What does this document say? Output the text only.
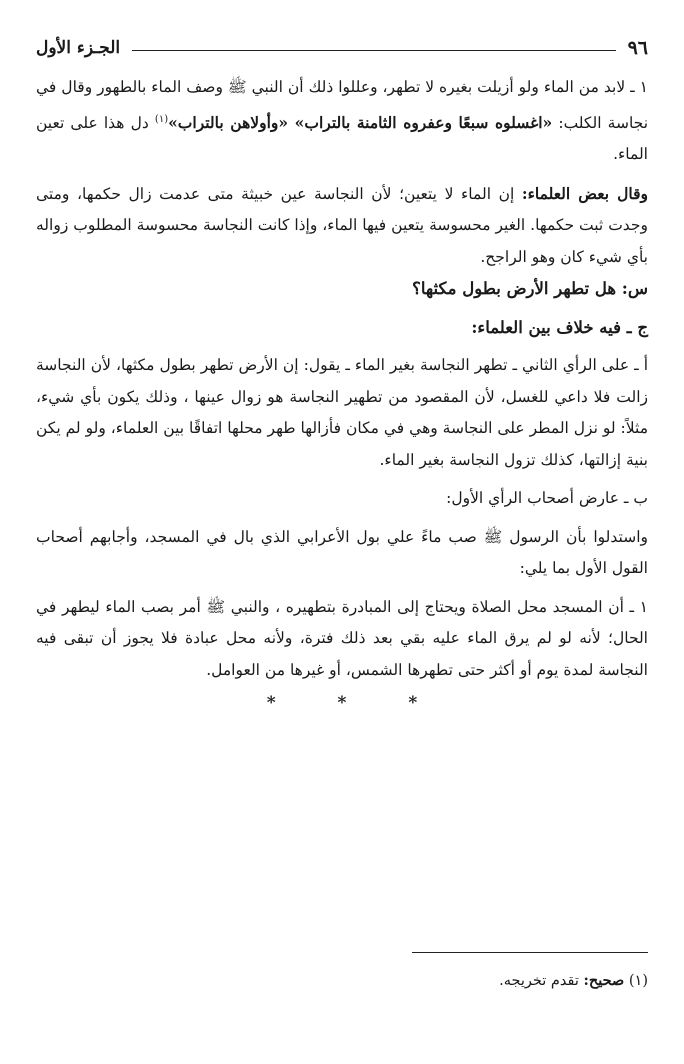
٩٦
الجـزء الأول

١ ـ لابد من الماء ولو أزيلت بغيره لا تطهر، وعللوا ذلك أن النبي ﷺ وصف الماء بالطهور وقال في نجاسة الكلب: «اغسلوه سبعًا وعفروه الثامنة بالتراب» «وأولاهن بالتراب»$^{(١)}$ دل هذا على تعين الماء.

وقال بعض العلماء: إن الماء لا يتعين؛ لأن النجاسة عين خبيثة متى عدمت زال حكمها، ومتى وجدت ثبت حكمها. الغير محسوسة يتعين فيها الماء، وإذا كانت النجاسة محسوسة المطلوب زواله بأي شيء كان وهو الراجح.

س: هل تطهر الأرض بطول مكثها؟

ج ـ فيه خلاف بين العلماء:

أ ـ على الرأي الثاني ـ تطهر النجاسة بغير الماء ـ يقول: إن الأرض تطهر بطول مكثها، لأن النجاسة زالت فلا داعي للغسل، لأن المقصود من تطهير النجاسة هو زوال عينها ، وذلك يكون بأي شيء، مثلاً: لو نزل المطر على النجاسة وهي في مكان فأزالها طهر محلها اتفاقًا بين العلماء، ولو لم يكن بنية إزالتها، كذلك تزول النجاسة بغير الماء.

ب ـ عارض أصحاب الرأي الأول:

واستدلوا بأن الرسول ﷺ صب ماءً علي بول الأعرابي الذي بال في المسجد، وأجابهم أصحاب القول الأول بما يلي:

١ ـ أن المسجد محل الصلاة ويحتاج إلى المبادرة بتطهيره ، والنبي ﷺ أمر بصب الماء ليطهر في الحال؛ لأنه لو لم يرق الماء عليه بقي بعد ذلك فترة، ولأنه محل عبادة فلا يجوز أن تبقى فيه النجاسة لمدة يوم أو أكثر حتى تطهرها الشمس، أو غيرها من العوامل.

* * *
(١) صحيح: تقدم تخريجه.
